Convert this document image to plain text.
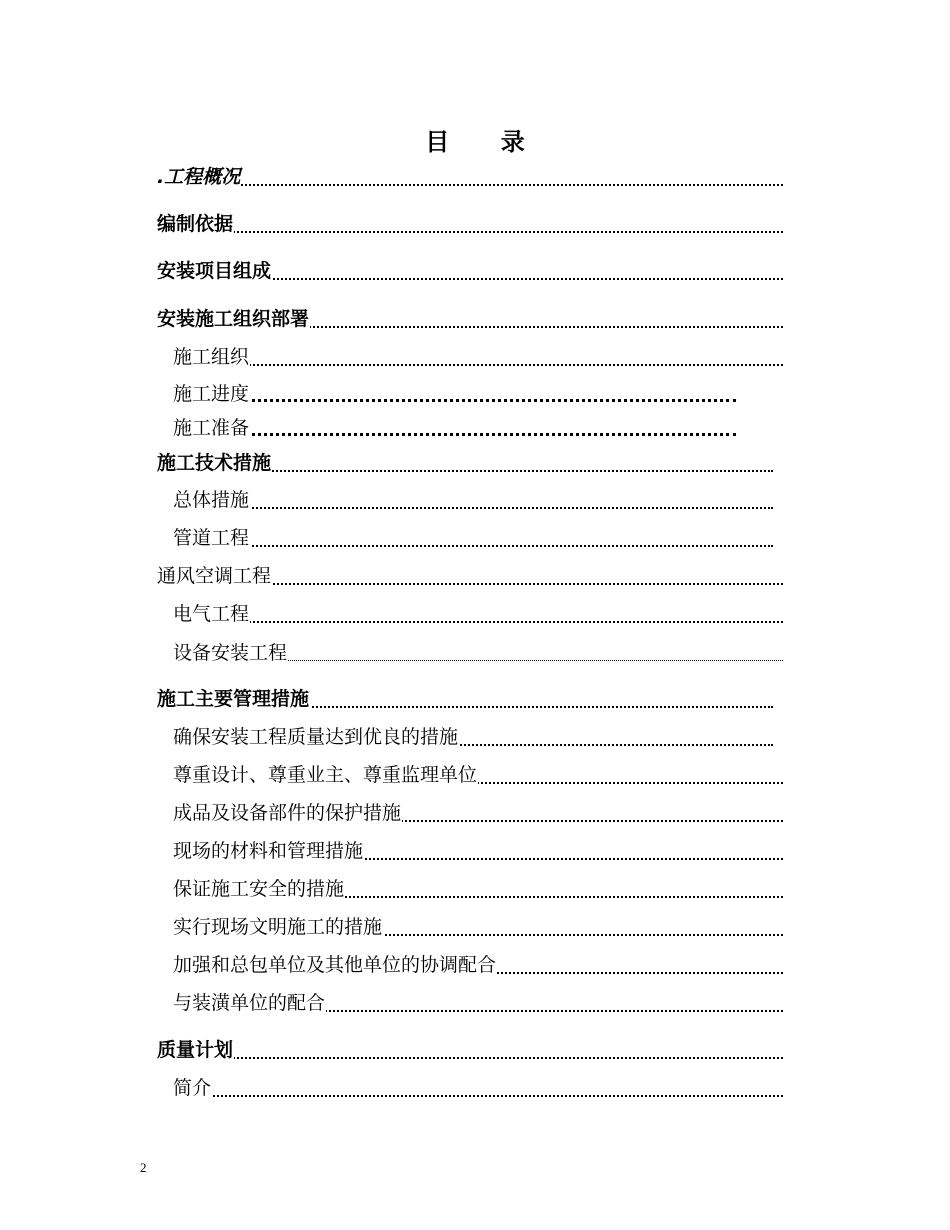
目 录
.工程概况
编制依据
安装项目组成
安装施工组织部署
施工组织
施工进度
施工准备
施工技术措施
总体措施
管道工程
通风空调工程
电气工程
设备安装工程
施工主要管理措施
确保安装工程质量达到优良的措施
尊重设计、尊重业主、尊重监理单位
成品及设备部件的保护措施
现场的材料和管理措施
保证施工安全的措施
实行现场文明施工的措施
加强和总包单位及其他单位的协调配合
与装潢单位的配合
质量计划
简介
2
